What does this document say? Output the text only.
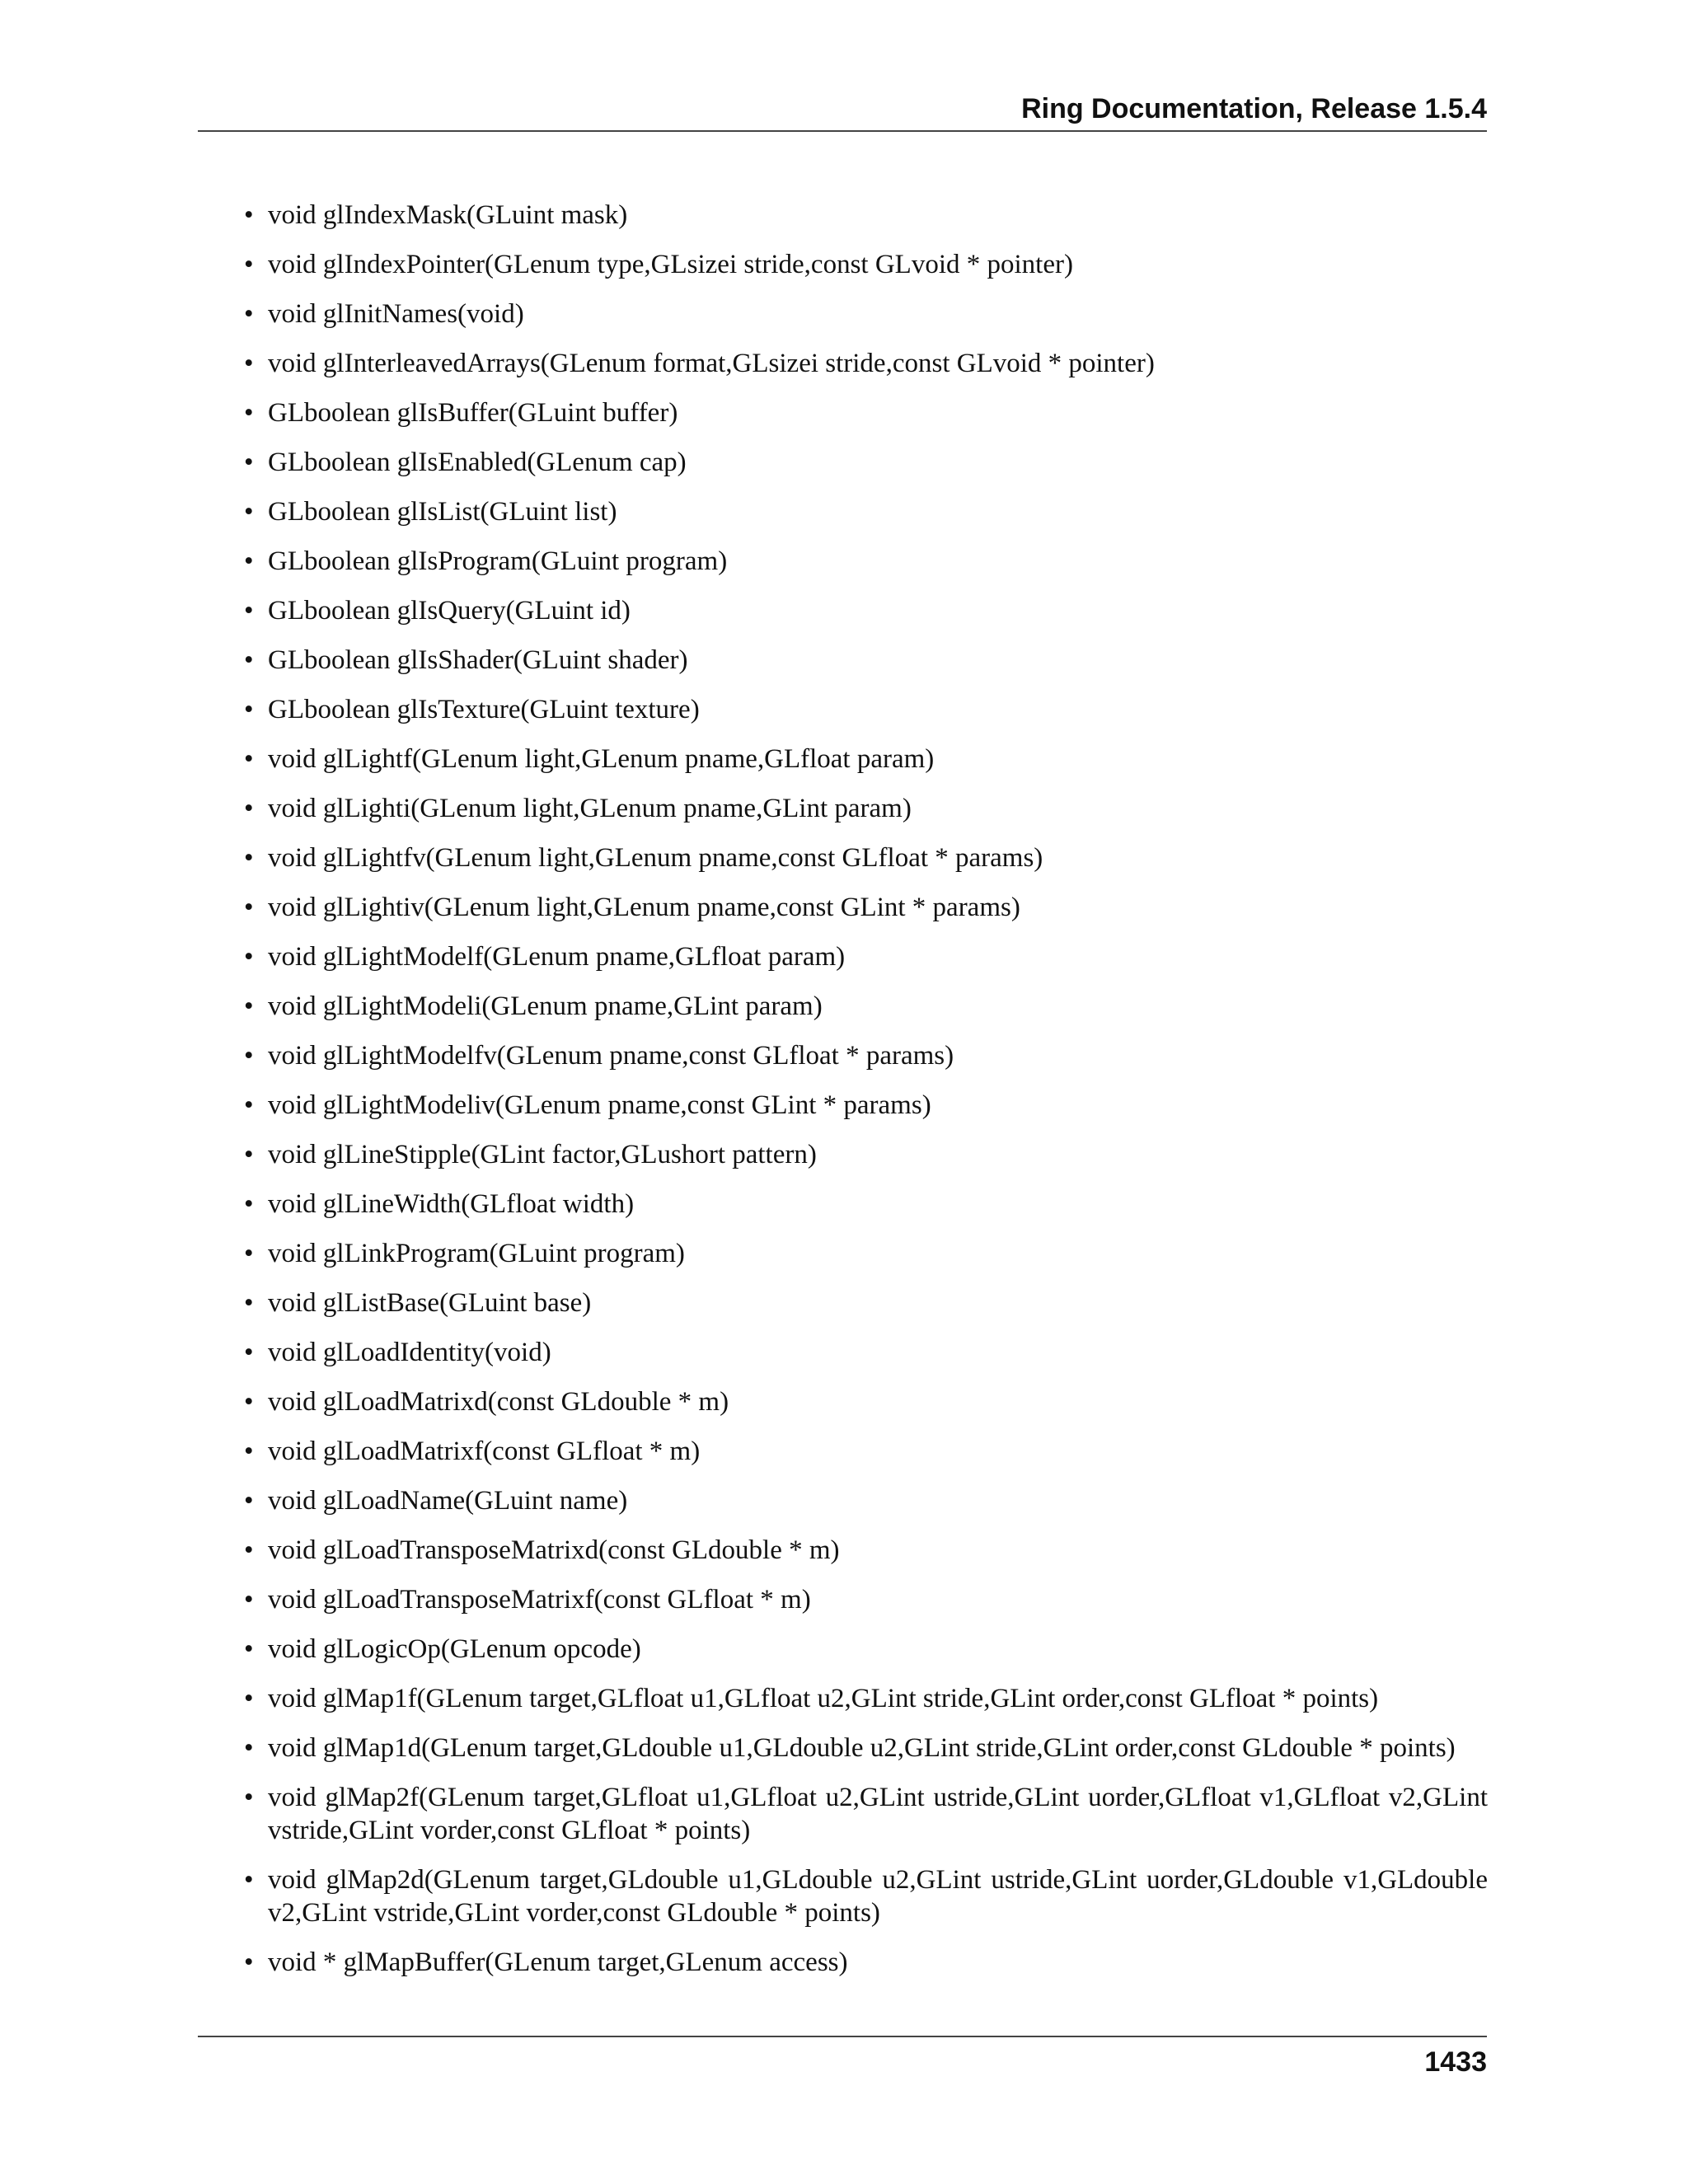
Ring Documentation, Release 1.5.4
• void glIndexMask(GLuint mask)
• void glIndexPointer(GLenum type,GLsizei stride,const GLvoid * pointer)
• void glInitNames(void)
• void glInterleavedArrays(GLenum format,GLsizei stride,const GLvoid * pointer)
• GLboolean glIsBuffer(GLuint buffer)
• GLboolean glIsEnabled(GLenum cap)
• GLboolean glIsList(GLuint list)
• GLboolean glIsProgram(GLuint program)
• GLboolean glIsQuery(GLuint id)
• GLboolean glIsShader(GLuint shader)
• GLboolean glIsTexture(GLuint texture)
• void glLightf(GLenum light,GLenum pname,GLfloat param)
• void glLighti(GLenum light,GLenum pname,GLint param)
• void glLightfv(GLenum light,GLenum pname,const GLfloat * params)
• void glLightiv(GLenum light,GLenum pname,const GLint * params)
• void glLightModelf(GLenum pname,GLfloat param)
• void glLightModeli(GLenum pname,GLint param)
• void glLightModelfv(GLenum pname,const GLfloat * params)
• void glLightModeliv(GLenum pname,const GLint * params)
• void glLineStipple(GLint factor,GLushort pattern)
• void glLineWidth(GLfloat width)
• void glLinkProgram(GLuint program)
• void glListBase(GLuint base)
• void glLoadIdentity(void)
• void glLoadMatrixd(const GLdouble * m)
• void glLoadMatrixf(const GLfloat * m)
• void glLoadName(GLuint name)
• void glLoadTransposeMatrixd(const GLdouble * m)
• void glLoadTransposeMatrixf(const GLfloat * m)
• void glLogicOp(GLenum opcode)
• void glMap1f(GLenum target,GLfloat u1,GLfloat u2,GLint stride,GLint order,const GLfloat * points)
• void glMap1d(GLenum target,GLdouble u1,GLdouble u2,GLint stride,GLint order,const GLdouble * points)
• void glMap2f(GLenum target,GLfloat u1,GLfloat u2,GLint ustride,GLint uorder,GLfloat v1,GLfloat v2,GLint vstride,GLint vorder,const GLfloat * points)
• void glMap2d(GLenum target,GLdouble u1,GLdouble u2,GLint ustride,GLint uorder,GLdouble v1,GLdouble v2,GLint vstride,GLint vorder,const GLdouble * points)
• void * glMapBuffer(GLenum target,GLenum access)
1433
